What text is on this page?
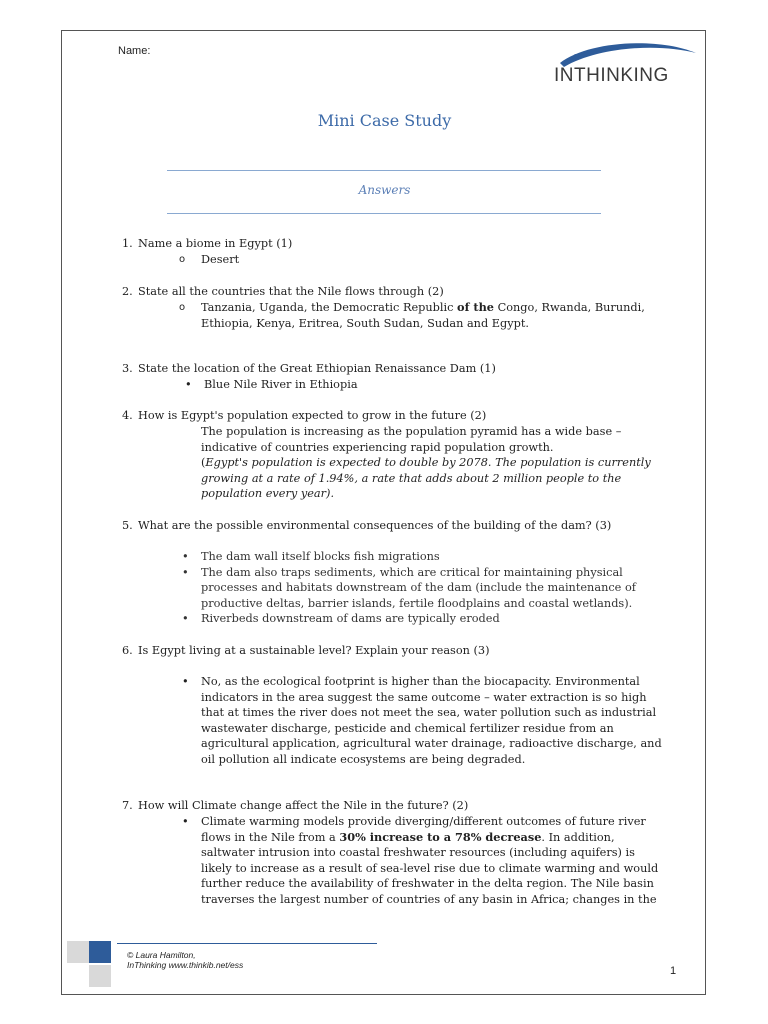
Name:
INTHINKING
Mini Case Study
Answers
1. Name a biome in Egypt (1)
o Desert
2. State all the countries that the Nile flows through (2)
o Tanzania, Uganda, the Democratic Republic of the Congo, Rwanda, Burundi,
Ethiopia, Kenya, Eritrea, South Sudan, Sudan and Egypt.
3. State the location of the Great Ethiopian Renaissance Dam (1)
• Blue Nile River in Ethiopia
4. How is Egypt's population expected to grow in the future (2)
The population is increasing as the population pyramid has a wide base –
indicative of countries experiencing rapid population growth.
(Egypt's population is expected to double by 2078. The population is currently
growing at a rate of 1.94%, a rate that adds about 2 million people to the
population every year).
5. What are the possible environmental consequences of the building of the dam? (3)
• The dam wall itself blocks fish migrations
• The dam also traps sediments, which are critical for maintaining physical
processes and habitats downstream of the dam (include the maintenance of
productive deltas, barrier islands, fertile floodplains and coastal wetlands).
• Riverbeds downstream of dams are typically eroded
6. Is Egypt living at a sustainable level? Explain your reason (3)
• No, as the ecological footprint is higher than the biocapacity. Environmental
indicators in the area suggest the same outcome – water extraction is so high
that at times the river does not meet the sea, water pollution such as industrial
wastewater discharge, pesticide and chemical fertilizer residue from an
agricultural application, agricultural water drainage, radioactive discharge, and
oil pollution all indicate ecosystems are being degraded.
7. How will Climate change affect the Nile in the future? (2)
• Climate warming models provide diverging/different outcomes of future river
flows in the Nile from a 30% increase to a 78% decrease. In addition,
saltwater intrusion into coastal freshwater resources (including aquifers) is
likely to increase as a result of sea-level rise due to climate warming and would
further reduce the availability of freshwater in the delta region. The Nile basin
traverses the largest number of countries of any basin in Africa; changes in the
© Laura Hamilton,
InThinking www.thinkib.net/ess	1
